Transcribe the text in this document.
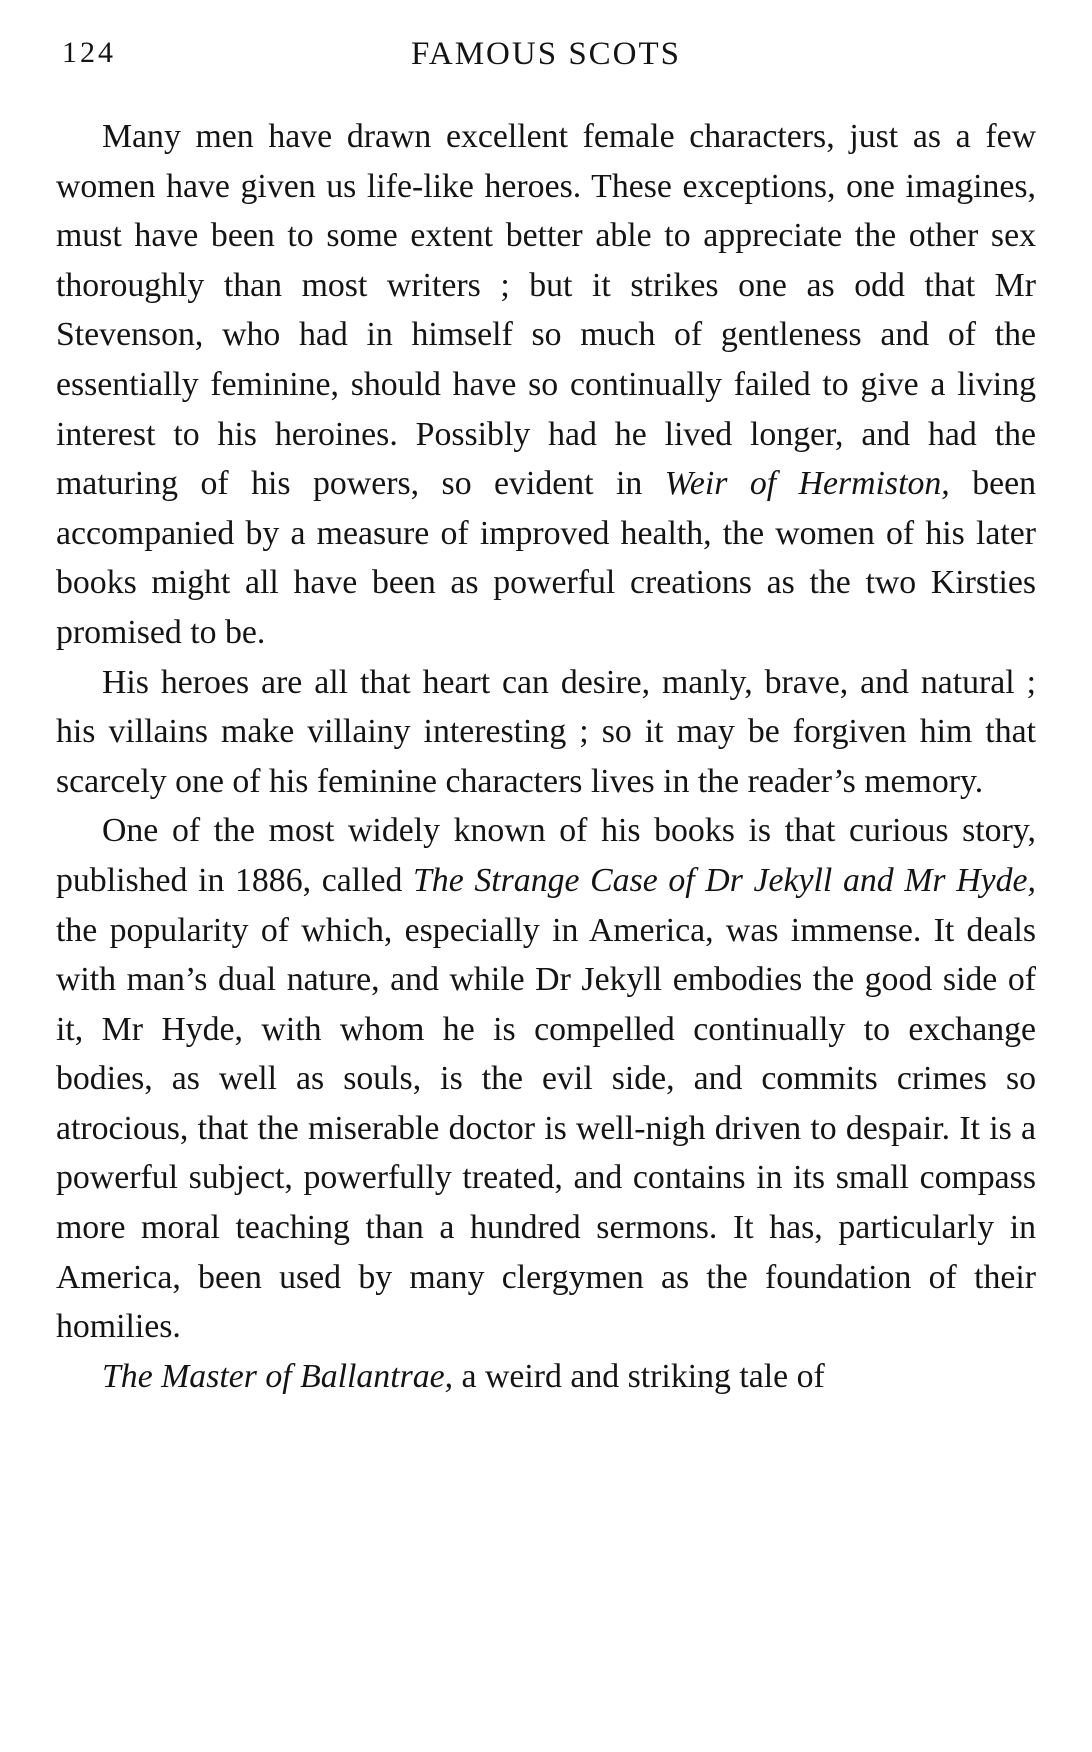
124	FAMOUS SCOTS

Many men have drawn excellent female characters, just as a few women have given us life-like heroes. These exceptions, one imagines, must have been to some extent better able to appreciate the other sex thoroughly than most writers ; but it strikes one as odd that Mr Stevenson, who had in himself so much of gentleness and of the essentially feminine, should have so continually failed to give a living interest to his heroines. Possibly had he lived longer, and had the maturing of his powers, so evident in Weir of Hermiston, been accompanied by a measure of improved health, the women of his later books might all have been as powerful creations as the two Kirsties promised to be.

His heroes are all that heart can desire, manly, brave, and natural ; his villains make villainy interesting ; so it may be forgiven him that scarcely one of his feminine characters lives in the reader’s memory.

One of the most widely known of his books is that curious story, published in 1886, called The Strange Case of Dr Jekyll and Mr Hyde, the popularity of which, especially in America, was immense. It deals with man’s dual nature, and while Dr Jekyll embodies the good side of it, Mr Hyde, with whom he is compelled continually to exchange bodies, as well as souls, is the evil side, and commits crimes so atrocious, that the miserable doctor is well-nigh driven to despair. It is a powerful subject, powerfully treated, and contains in its small compass more moral teaching than a hundred sermons. It has, particularly in America, been used by many clergymen as the foundation of their homilies.

The Master of Ballantrae, a weird and striking tale of
